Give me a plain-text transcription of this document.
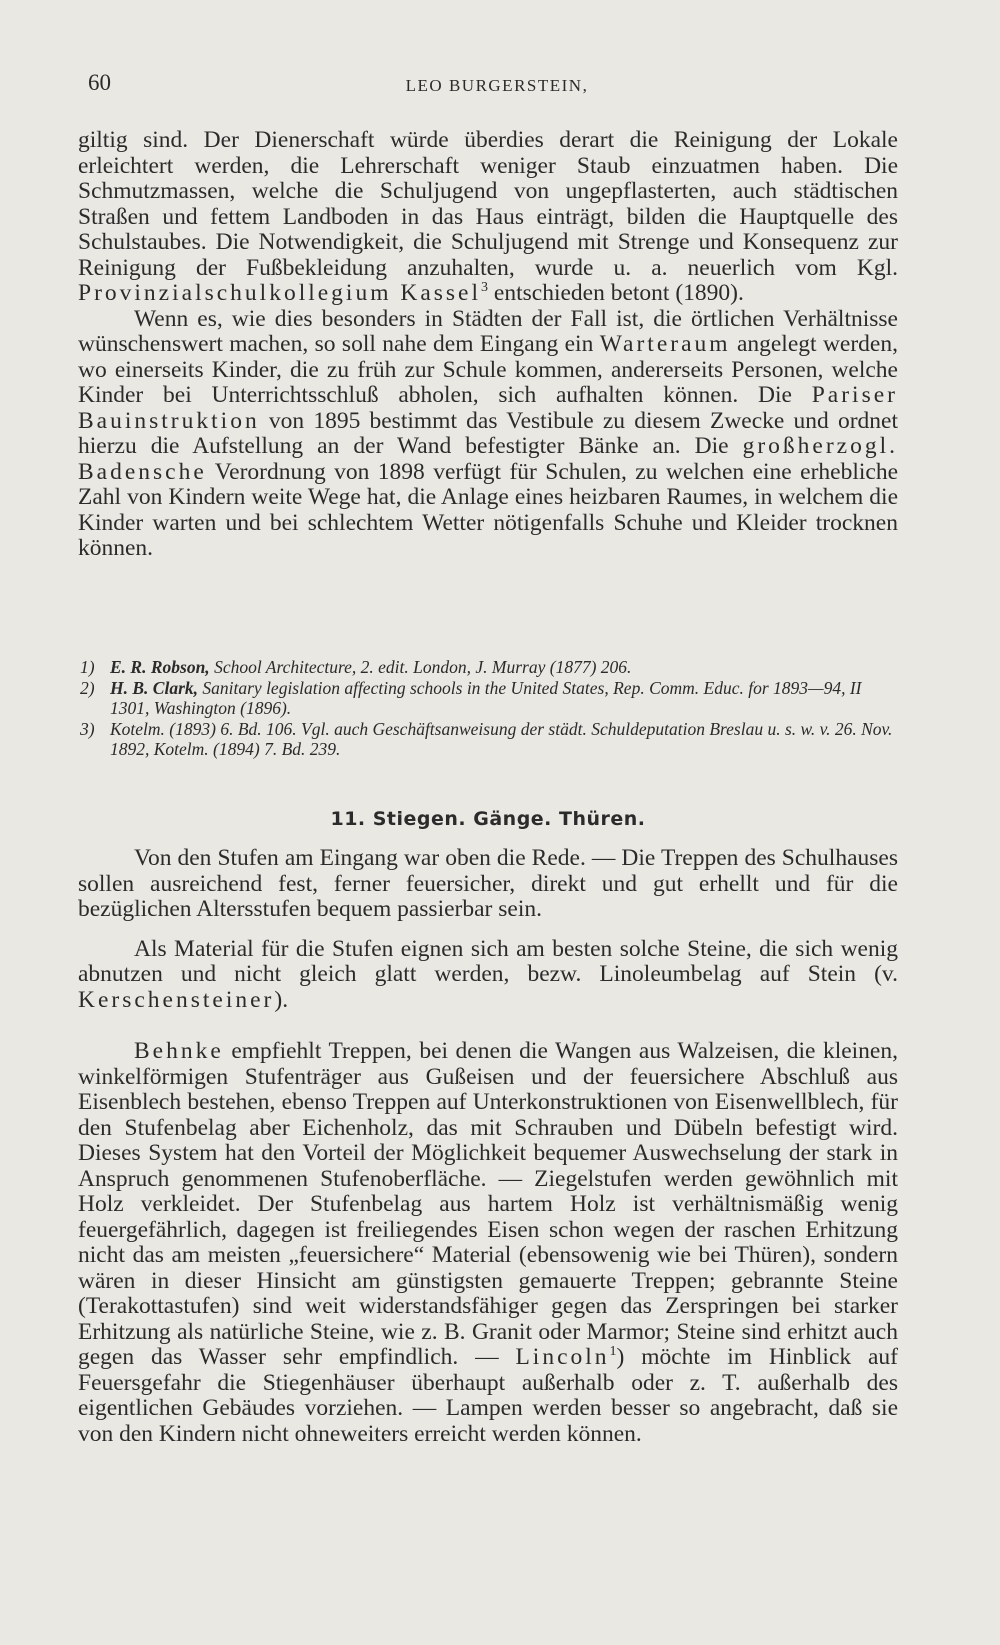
60	LEO BURGERSTEIN,

giltig sind. Der Dienerschaft würde überdies derart die Reinigung der Lokale erleichtert werden, die Lehrerschaft weniger Staub einzuatmen haben. Die Schmutzmassen, welche die Schuljugend von ungepflasterten, auch städtischen Straßen und fettem Landboden in das Haus einträgt, bilden die Hauptquelle des Schulstaubes. Die Notwendigkeit, die Schuljugend mit Strenge und Konsequenz zur Reinigung der Fußbekleidung anzuhalten, wurde u. a. neuerlich vom Kgl. Provinzialschulkollegium Kassel$^3$ entschieden betont (1890).

Wenn es, wie dies besonders in Städten der Fall ist, die örtlichen Verhältnisse wünschenswert machen, so soll nahe dem Eingang ein Warteraum angelegt werden, wo einerseits Kinder, die zu früh zur Schule kommen, andererseits Personen, welche Kinder bei Unterrichtsschluß abholen, sich aufhalten können. Die Pariser Bauinstruktion von 1895 bestimmt das Vestibule zu diesem Zwecke und ordnet hierzu die Aufstellung an der Wand befestigter Bänke an. Die großherzogl. Badensche Verordnung von 1898 verfügt für Schulen, zu welchen eine erhebliche Zahl von Kindern weite Wege hat, die Anlage eines heizbaren Raumes, in welchem die Kinder warten und bei schlechtem Wetter nötigenfalls Schuhe und Kleider trocknen können.

1) E. R. Robson, School Architecture, 2. edit. London, J. Murray (1877) 206.

2) H. B. Clark, Sanitary legislation affecting schools in the United States, Rep. Comm. Educ. for 1893—94, II 1301, Washington (1896).

3) Kotelm. (1893) 6. Bd. 106. Vgl. auch Geschäftsanweisung der städt. Schuldeputation Breslau u. s. w. v. 26. Nov. 1892, Kotelm. (1894) 7. Bd. 239.

11. Stiegen. Gänge. Thüren.

Von den Stufen am Eingang war oben die Rede. — Die Treppen des Schulhauses sollen ausreichend fest, ferner feuersicher, direkt und gut erhellt und für die bezüglichen Altersstufen bequem passierbar sein.

Als Material für die Stufen eignen sich am besten solche Steine, die sich wenig abnutzen und nicht gleich glatt werden, bezw. Linoleumbelag auf Stein (v. Kerschensteiner).

Behnke empfiehlt Treppen, bei denen die Wangen aus Walzeisen, die kleinen, winkelförmigen Stufenträger aus Gußeisen und der feuersichere Abschluß aus Eisenblech bestehen, ebenso Treppen auf Unterkonstruktionen von Eisenwellblech, für den Stufenbelag aber Eichenholz, das mit Schrauben und Dübeln befestigt wird. Dieses System hat den Vorteil der Möglichkeit bequemer Auswechselung der stark in Anspruch genommenen Stufenoberfläche. — Ziegelstufen werden gewöhnlich mit Holz verkleidet. Der Stufenbelag aus hartem Holz ist verhältnismäßig wenig feuergefährlich, dagegen ist freiliegendes Eisen schon wegen der raschen Erhitzung nicht das am meisten „feuersichere“ Material (ebensowenig wie bei Thüren), sondern wären in dieser Hinsicht am günstigsten gemauerte Treppen; gebrannte Steine (Terakottastufen) sind weit widerstandsfähiger gegen das Zerspringen bei starker Erhitzung als natürliche Steine, wie z. B. Granit oder Marmor; Steine sind erhitzt auch gegen das Wasser sehr empfindlich. — Lincoln$^1$) möchte im Hinblick auf Feuersgefahr die Stiegenhäuser überhaupt außerhalb oder z. T. außerhalb des eigentlichen Gebäudes vorziehen. — Lampen werden besser so angebracht, daß sie von den Kindern nicht ohneweiters erreicht werden können.
